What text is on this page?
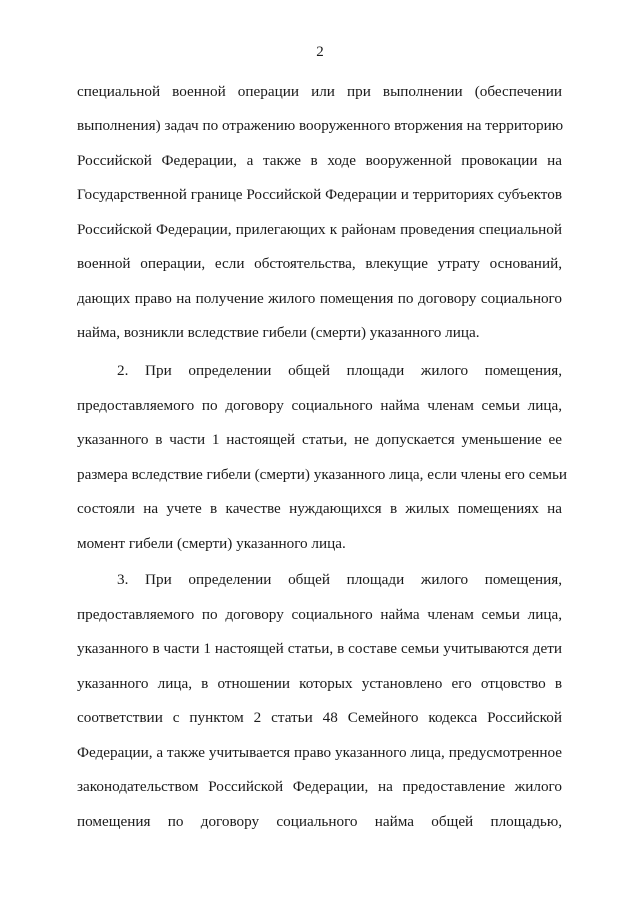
2
специальной военной операции или при выполнении (обеспечении
выполнения) задач по отражению вооруженного вторжения на территорию
Российской Федерации, а также в ходе вооруженной провокации на
Государственной границе Российской Федерации и территориях субъектов
Российской Федерации, прилегающих к районам проведения специальной
военной операции, если обстоятельства, влекущие утрату оснований,
дающих право на получение жилого помещения по договору социального
найма, возникли вследствие гибели (смерти) указанного лица.
2. При определении общей площади жилого помещения,
предоставляемого по договору социального найма членам семьи лица,
указанного в части 1 настоящей статьи, не допускается уменьшение ее
размера вследствие гибели (смерти) указанного лица, если члены его семьи
состояли на учете в качестве нуждающихся в жилых помещениях на
момент гибели (смерти) указанного лица.
3. При определении общей площади жилого помещения,
предоставляемого по договору социального найма членам семьи лица,
указанного в части 1 настоящей статьи, в составе семьи учитываются дети
указанного лица, в отношении которых установлено его отцовство в
соответствии с пунктом 2 статьи 48 Семейного кодекса Российской
Федерации, а также учитывается право указанного лица, предусмотренное
законодательством Российской Федерации, на предоставление жилого
помещения по договору социального найма общей площадью,
